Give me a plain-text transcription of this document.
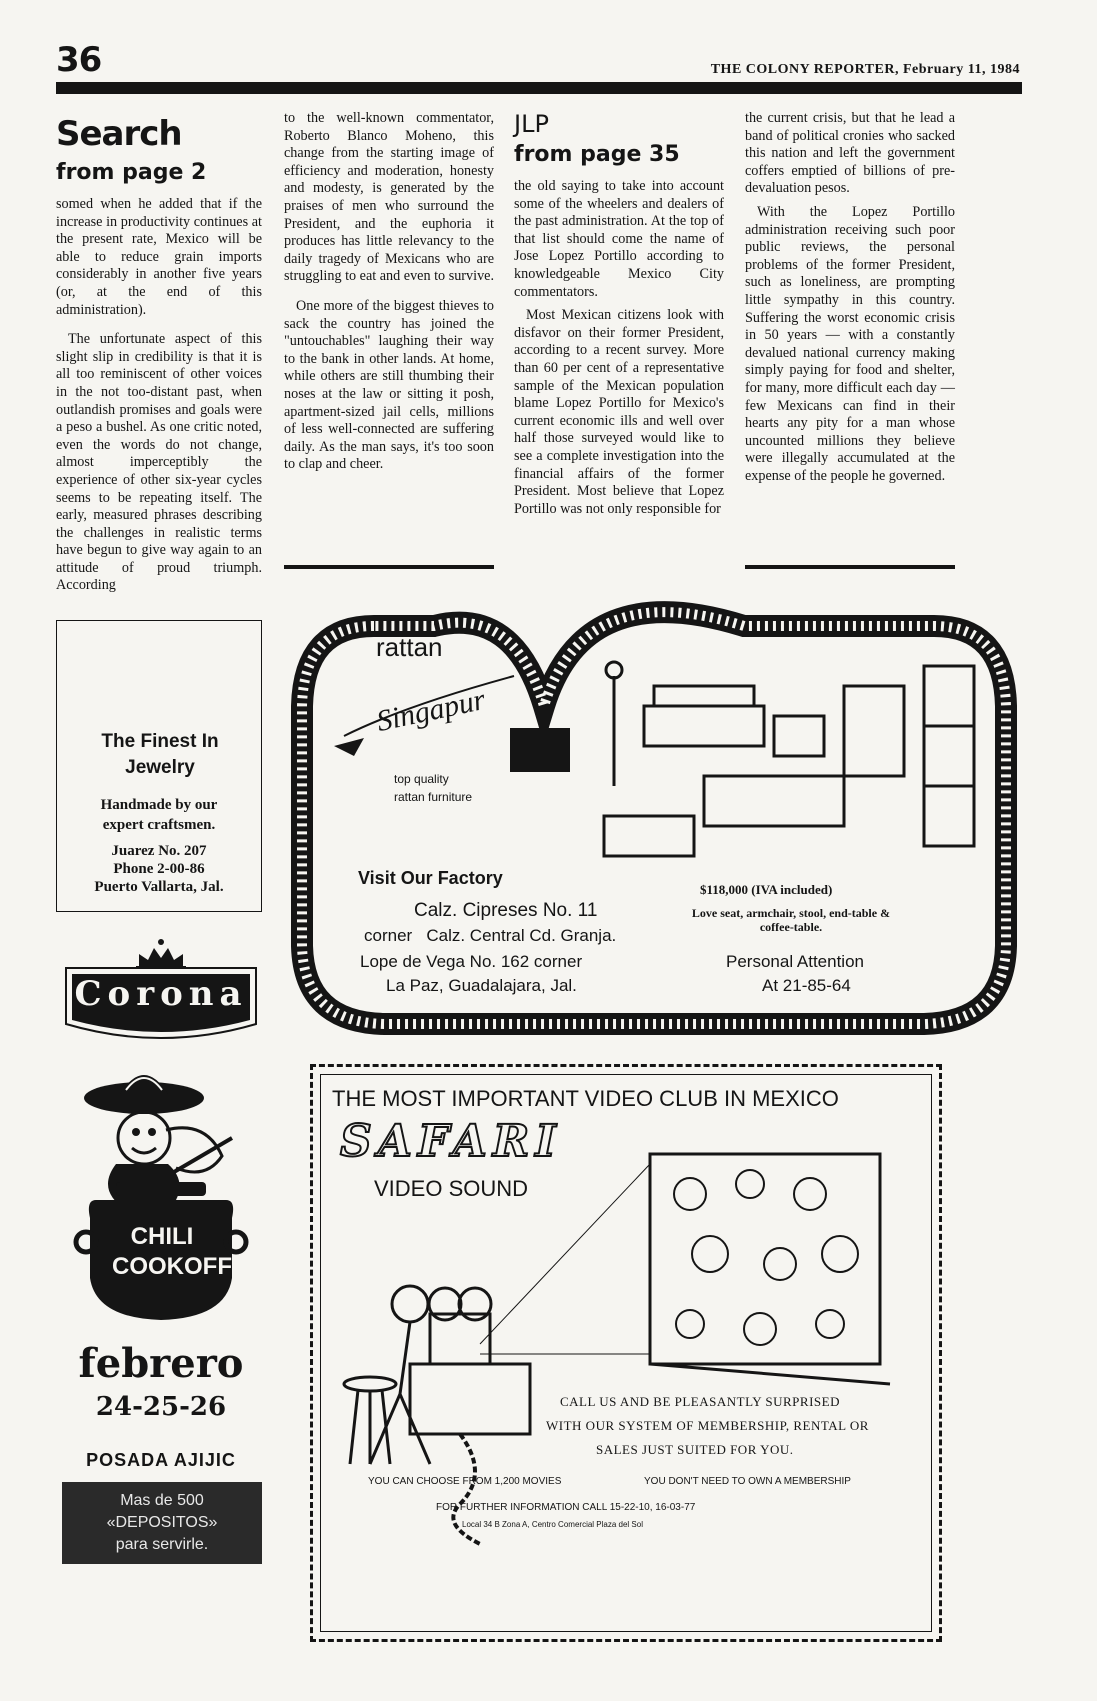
36	THE COLONY REPORTER, February 11, 1984
Search
from page 2

somed when he added that if the increase in productivity continues at the present rate, Mexico will be able to reduce grain imports considerably in another five years (or, at the end of this administration).

The unfortunate aspect of this slight slip in credibility is that it is all too reminiscent of other voices in the not too-distant past, when outlandish promises and goals were a peso a bushel. As one critic noted, even the words do not change, almost imperceptibly the experience of other six-year cycles seems to be repeating itself. The early, measured phrases describing the challenges in realistic terms have begun to give way again to an attitude of proud triumph. According

to the well-known commentator, Roberto Blanco Moheno, this change from the starting image of efficiency and moderation, honesty and modesty, is generated by the praises of men who surround the President, and the euphoria it produces has little relevancy to the daily tragedy of Mexicans who are struggling to eat and even to survive.

One more of the biggest thieves to sack the country has joined the "untouchables" laughing their way to the bank in other lands. At home, while others are still thumbing their noses at the law or sitting it posh, apartment-sized jail cells, millions of less well-connected are suffering daily. As the man says, it's too soon to clap and cheer.

JLP
from page 35

the old saying to take into account some of the wheelers and dealers of the past administration. At the top of that list should come the name of Jose Lopez Portillo according to knowledgeable Mexico City commentators.

Most Mexican citizens look with disfavor on their former President, according to a recent survey. More than 60 per cent of a representative sample of the Mexican population blame Lopez Portillo for Mexico's current economic ills and well over half those surveyed would like to see a complete investigation into the financial affairs of the former President. Most believe that Lopez Portillo was not only responsible for

the current crisis, but that he lead a band of political cronies who sacked this nation and left the government coffers emptied of billions of pre-devaluation pesos.

With the Lopez Portillo administration receiving such poor public reviews, the personal problems of the former President, such as loneliness, are prompting little sympathy in this country. Suffering the worst economic crisis in 50 years — with a constantly devalued national currency making simply paying for food and shelter, for many, more difficult each day — few Mexicans can find in their hearts any pity for a man whose uncounted millions they believe were illegally accumulated at the expense of the people he governed.

The Finest In Jewelry
Handmade by our
expert craftsmen.
Juarez No. 207
Phone 2-00-86
Puerto Vallarta, Jal.
Corona
CHILI COOKOFF
febrero
24-25-26
POSADA AJIJIC
Mas de 500
«DEPOSITOS»
para servirle.
rattan
Singapur
top quality
rattan furniture
Visit Our Factory
Calz. Cipreses No. 11
corner   Calz. Central Cd. Granja.
Lope de Vega No. 162 corner
La Paz, Guadalajara, Jal.
$118,000 (IVA included)
Love seat, armchair, stool, end-table & coffee-table.
Personal Attention
At 21-85-64
THE MOST IMPORTANT VIDEO CLUB IN MEXICO
SAFARI
VIDEO SOUND
CALL US AND BE PLEASANTLY SURPRISED
WITH OUR SYSTEM OF MEMBERSHIP, RENTAL OR
SALES JUST SUITED FOR YOU.
YOU CAN CHOOSE FROM 1,200 MOVIES	YOU DON'T NEED TO OWN A MEMBERSHIP
FOR FURTHER INFORMATION CALL 15-22-10, 16-03-77
Local 34 B Zona A, Centro Comercial Plaza del Sol
